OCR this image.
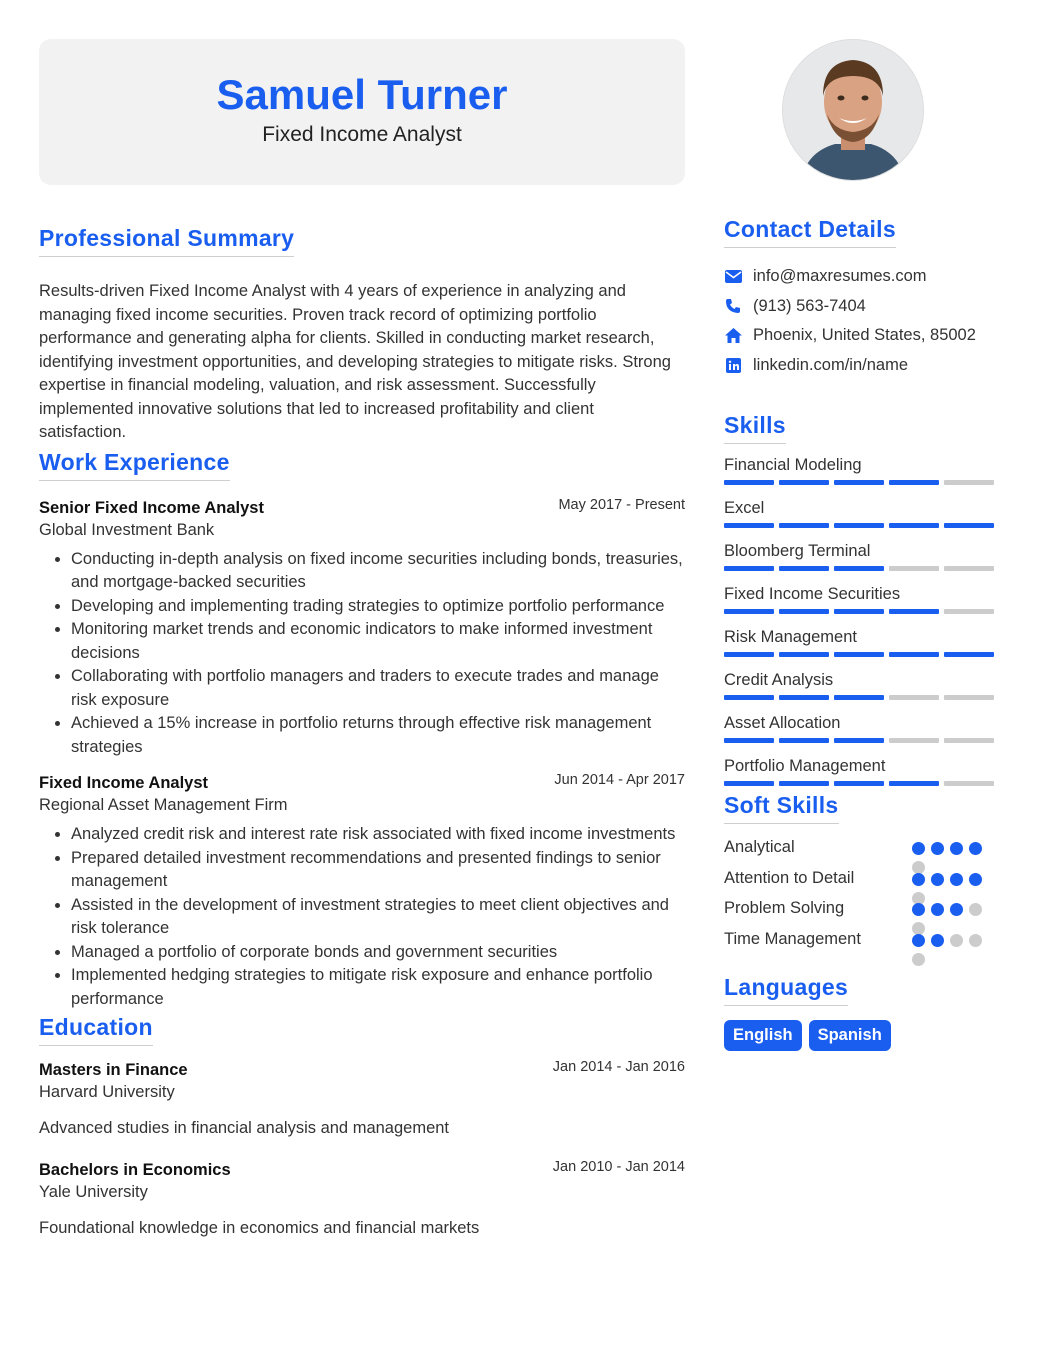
Samuel Turner
Fixed Income Analyst
Professional Summary
Results-driven Fixed Income Analyst with 4 years of experience in analyzing and managing fixed income securities. Proven track record of optimizing portfolio performance and generating alpha for clients. Skilled in conducting market research, identifying investment opportunities, and developing strategies to mitigate risks. Strong expertise in financial modeling, valuation, and risk assessment. Successfully implemented innovative solutions that led to increased profitability and client satisfaction.
Work Experience
Senior Fixed Income Analyst	May 2017 - Present
Global Investment Bank
• Conducting in-depth analysis on fixed income securities including bonds, treasuries, and mortgage-backed securities
• Developing and implementing trading strategies to optimize portfolio performance
• Monitoring market trends and economic indicators to make informed investment decisions
• Collaborating with portfolio managers and traders to execute trades and manage risk exposure
• Achieved a 15% increase in portfolio returns through effective risk management strategies
Fixed Income Analyst	Jun 2014 - Apr 2017
Regional Asset Management Firm
• Analyzed credit risk and interest rate risk associated with fixed income investments
• Prepared detailed investment recommendations and presented findings to senior management
• Assisted in the development of investment strategies to meet client objectives and risk tolerance
• Managed a portfolio of corporate bonds and government securities
• Implemented hedging strategies to mitigate risk exposure and enhance portfolio performance
Education
Masters in Finance	Jan 2014 - Jan 2016
Harvard University
Advanced studies in financial analysis and management
Bachelors in Economics	Jan 2010 - Jan 2014
Yale University
Foundational knowledge in economics and financial markets
Contact Details
info@maxresumes.com
(913) 563-7404
Phoenix, United States, 85002
linkedin.com/in/name
Skills
Financial Modeling
Excel
Bloomberg Terminal
Fixed Income Securities
Risk Management
Credit Analysis
Asset Allocation
Portfolio Management
Soft Skills
Analytical
Attention to Detail
Problem Solving
Time Management
Languages
English	Spanish
